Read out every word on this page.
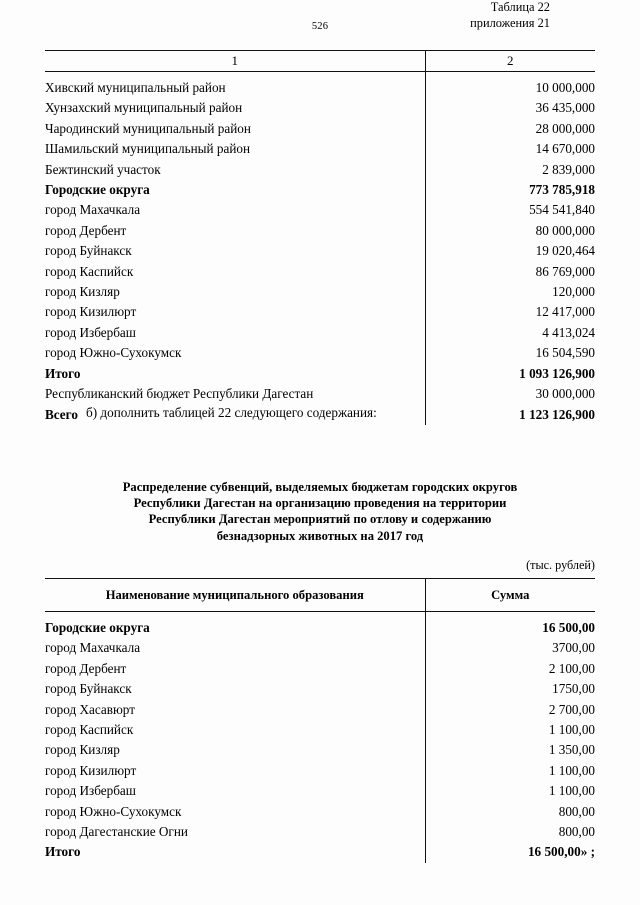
526
1	2

Хивский муниципальный район	10 000,000
Хунзахский муниципальный район	36 435,000
Чародинский муниципальный район	28 000,000
Шамильский муниципальный район	14 670,000
Бежтинский участок	2 839,000
Городские округа	773 785,918
город Махачкала	554 541,840
город Дербент	80 000,000
город Буйнакск	19 020,464
город Каспийск	86 769,000
город Кизляр	120,000
город Кизилюрт	12 417,000
город Избербаш	4 413,024
город Южно-Сухокумск	16 504,590
Итого	1 093 126,900
Республиканский бюджет Республики Дагестан	30 000,000
Всего	1 123 126,900
б) дополнить таблицей 22 следующего содержания:
Таблица 22
приложения 21
Распределение субвенций, выделяемых бюджетам городских округов
Республики Дагестан на организацию проведения на территории
Республики Дагестан мероприятий по отлову и содержанию
безнадзорных животных на 2017 год
(тыс. рублей)
Наименование муниципального образования	Сумма

Городские округа	16 500,00
город Махачкала	3700,00
город Дербент	2 100,00
город Буйнакск	1750,00
город Хасавюрт	2 700,00
город Каспийск	1 100,00
город Кизляр	1 350,00
город Кизилюрт	1 100,00
город Избербаш	1 100,00
город Южно-Сухокумск	800,00
город Дагестанские Огни	800,00
Итого	16 500,00» ;
